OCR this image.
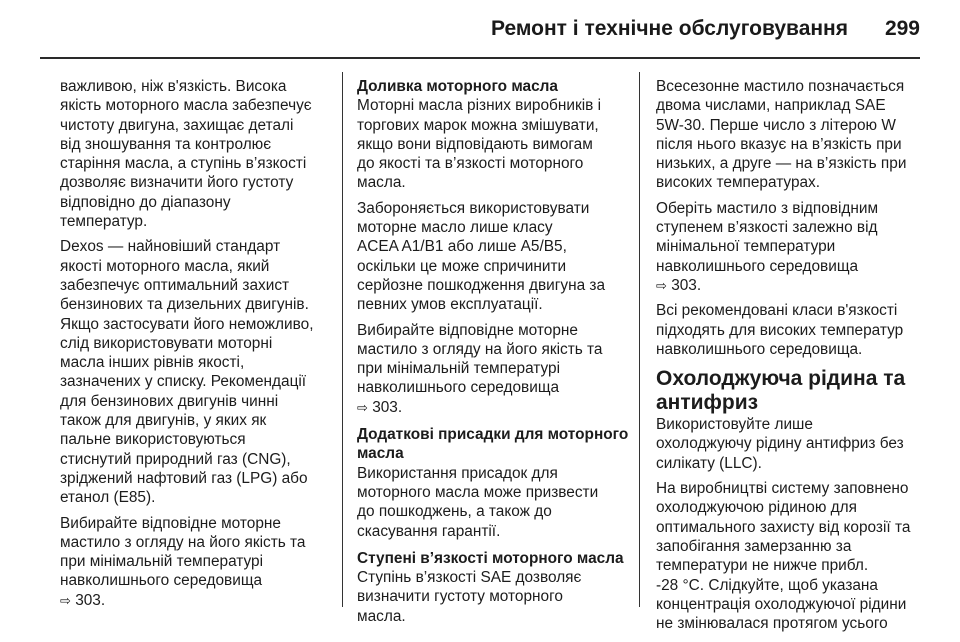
Ремонт і технічне обслуговування 299
важливою, ніж в'язкість. Висока
якість моторного масла забезпечує
чистоту двигуна, захищає деталі
від зношування та контролює
старіння масла, а ступінь в’язкості
дозволяє визначити його густоту
відповідно до діапазону
температур.
Dexos — найновіший стандарт
якості моторного масла, який
забезпечує оптимальний захист
бензинових та дизельних двигунів.
Якщо застосувати його неможливо,
слід використовувати моторні
масла інших рівнів якості,
зазначених у списку. Рекомендації
для бензинових двигунів чинні
також для двигунів, у яких як
пальне використовуються
стиснутий природний газ (CNG),
зріджений нафтовий газ (LPG) або
етанол (E85).
Вибирайте відповідне моторне
мастило з огляду на його якість та
при мінімальній температурі
навколишнього середовища
⇨ 303.
Доливка моторного масла
Моторні масла різних виробників і
торгових марок можна змішувати,
якщо вони відповідають вимогам
до якості та в’язкості моторного
масла.
Забороняється використовувати
моторне масло лише класу
ACEA A1/B1 або лише A5/B5,
оскільки це може спричинити
серйозне пошкодження двигуна за
певних умов експлуатації.
Вибирайте відповідне моторне
мастило з огляду на його якість та
при мінімальній температурі
навколишнього середовища
⇨ 303.
Додаткові присадки для моторного
масла
Використання присадок для
моторного масла може призвести
до пошкоджень, а також до
скасування гарантії.
Ступені в’язкості моторного масла
Ступінь в’язкості SAE дозволяє
визначити густоту моторного
масла.
Всесезонне мастило позначається
двома числами, наприклад SAE
5W-30. Перше число з літерою W
після нього вказує на в’язкість при
низьких, а друге — на в’язкість при
високих температурах.
Оберіть мастило з відповідним
ступенем в’язкості залежно від
мінімальної температури
навколишнього середовища
⇨ 303.
Всі рекомендовані класи в'язкості
підходять для високих температур
навколишнього середовища.
Охолоджуюча рідина та
антифриз
Використовуйте лише
охолоджуючу рідину антифриз без
силікату (LLC).
На виробництві систему заповнено
охолоджуючою рідиною для
оптимального захисту від корозії та
запобігання замерзанню за
температури не нижче прибл.
-28 °C. Слідкуйте, щоб указана
концентрація охолоджуючої рідини
не змінювалася протягом усього
